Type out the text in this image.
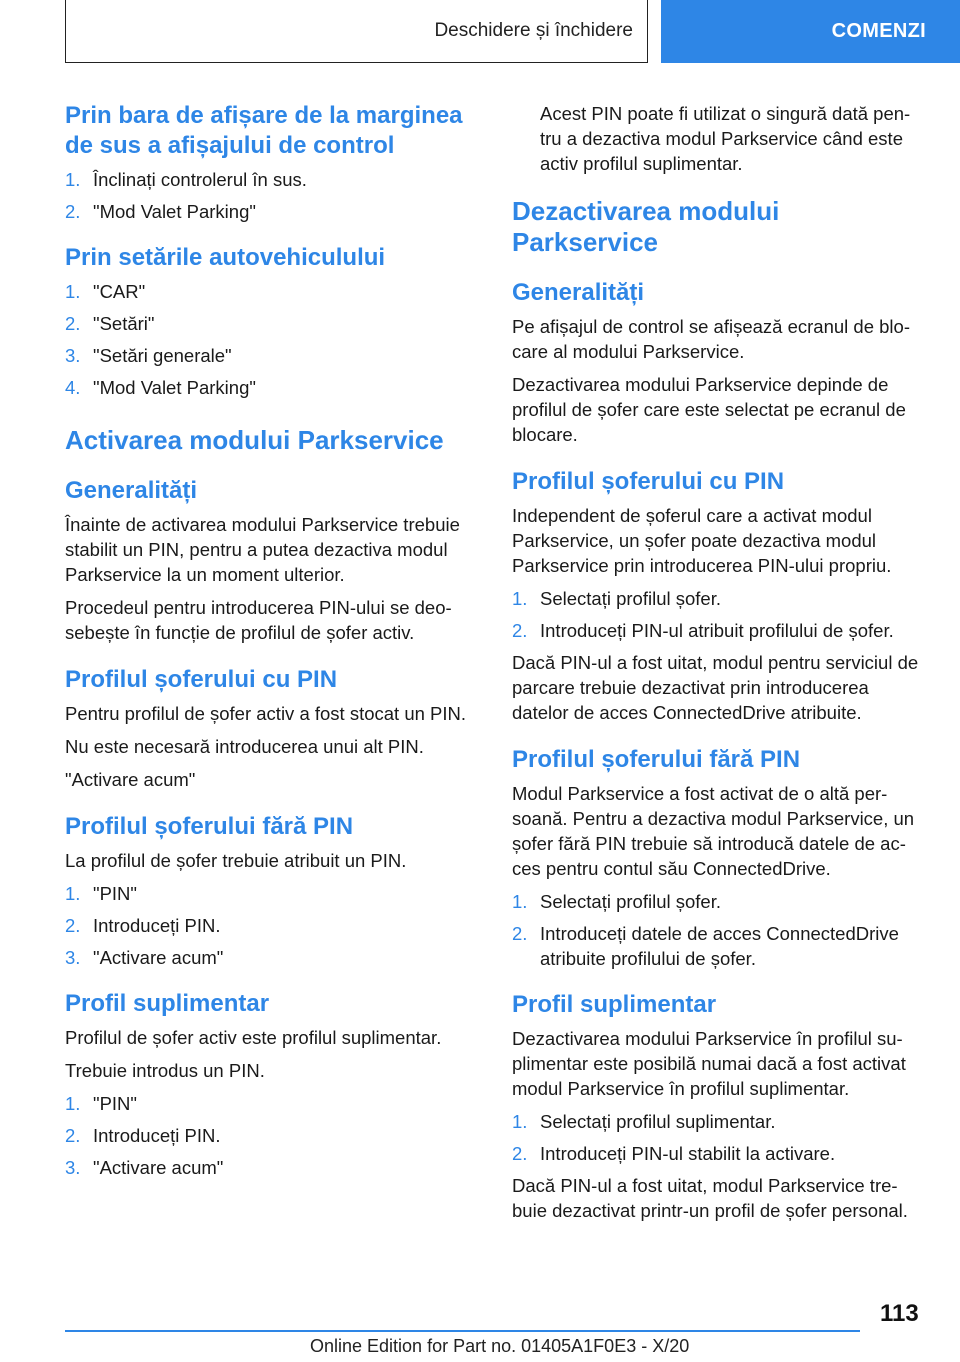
Deschidere și închidere	COMENZI
Prin bara de afișare de la marginea de sus a afișajului de control
1. Înclinați controlerul în sus.
2. "Mod Valet Parking"
Prin setările autovehiculului
1. "CAR"
2. "Setări"
3. "Setări generale"
4. "Mod Valet Parking"
Activarea modului Parkservice
Generalități
Înainte de activarea modului Parkservice trebuie stabilit un PIN, pentru a putea dezactiva modul Parkservice la un moment ulterior.
Procedeul pentru introducerea PIN-ului se deo-sebește în funcție de profilul de șofer activ.
Profilul șoferului cu PIN
Pentru profilul de șofer activ a fost stocat un PIN.
Nu este necesară introducerea unui alt PIN.
"Activare acum"
Profilul șoferului fără PIN
La profilul de șofer trebuie atribuit un PIN.
1. "PIN"
2. Introduceți PIN.
3. "Activare acum"
Profil suplimentar
Profilul de șofer activ este profilul suplimentar.
Trebuie introdus un PIN.
1. "PIN"
2. Introduceți PIN.
3. "Activare acum"
Acest PIN poate fi utilizat o singură dată pen-tru a dezactiva modul Parkservice când este activ profilul suplimentar.
Dezactivarea modului Parkservice
Generalități
Pe afișajul de control se afișează ecranul de blo-care al modului Parkservice.
Dezactivarea modului Parkservice depinde de profilul de șofer care este selectat pe ecranul de blocare.
Profilul șoferului cu PIN
Independent de șoferul care a activat modul Parkservice, un șofer poate dezactiva modul Parkservice prin introducerea PIN-ului propriu.
1. Selectați profilul șofer.
2. Introduceți PIN-ul atribuit profilului de șofer.
Dacă PIN-ul a fost uitat, modul pentru serviciul de parcare trebuie dezactivat prin introducerea datelor de acces ConnectedDrive atribuite.
Profilul șoferului fără PIN
Modul Parkservice a fost activat de o altă per-soană. Pentru a dezactiva modul Parkservice, un șofer fără PIN trebuie să introducă datele de ac-ces pentru contul său ConnectedDrive.
1. Selectați profilul șofer.
2. Introduceți datele de acces ConnectedDrive atribuite profilului de șofer.
Profil suplimentar
Dezactivarea modului Parkservice în profilul su-plimentar este posibilă numai dacă a fost activat modul Parkservice în profilul suplimentar.
1. Selectați profilul suplimentar.
2. Introduceți PIN-ul stabilit la activare.
Dacă PIN-ul a fost uitat, modul Parkservice tre-buie dezactivat printr-un profil de șofer personal.
113
Online Edition for Part no. 01405A1F0E3 - X/20
